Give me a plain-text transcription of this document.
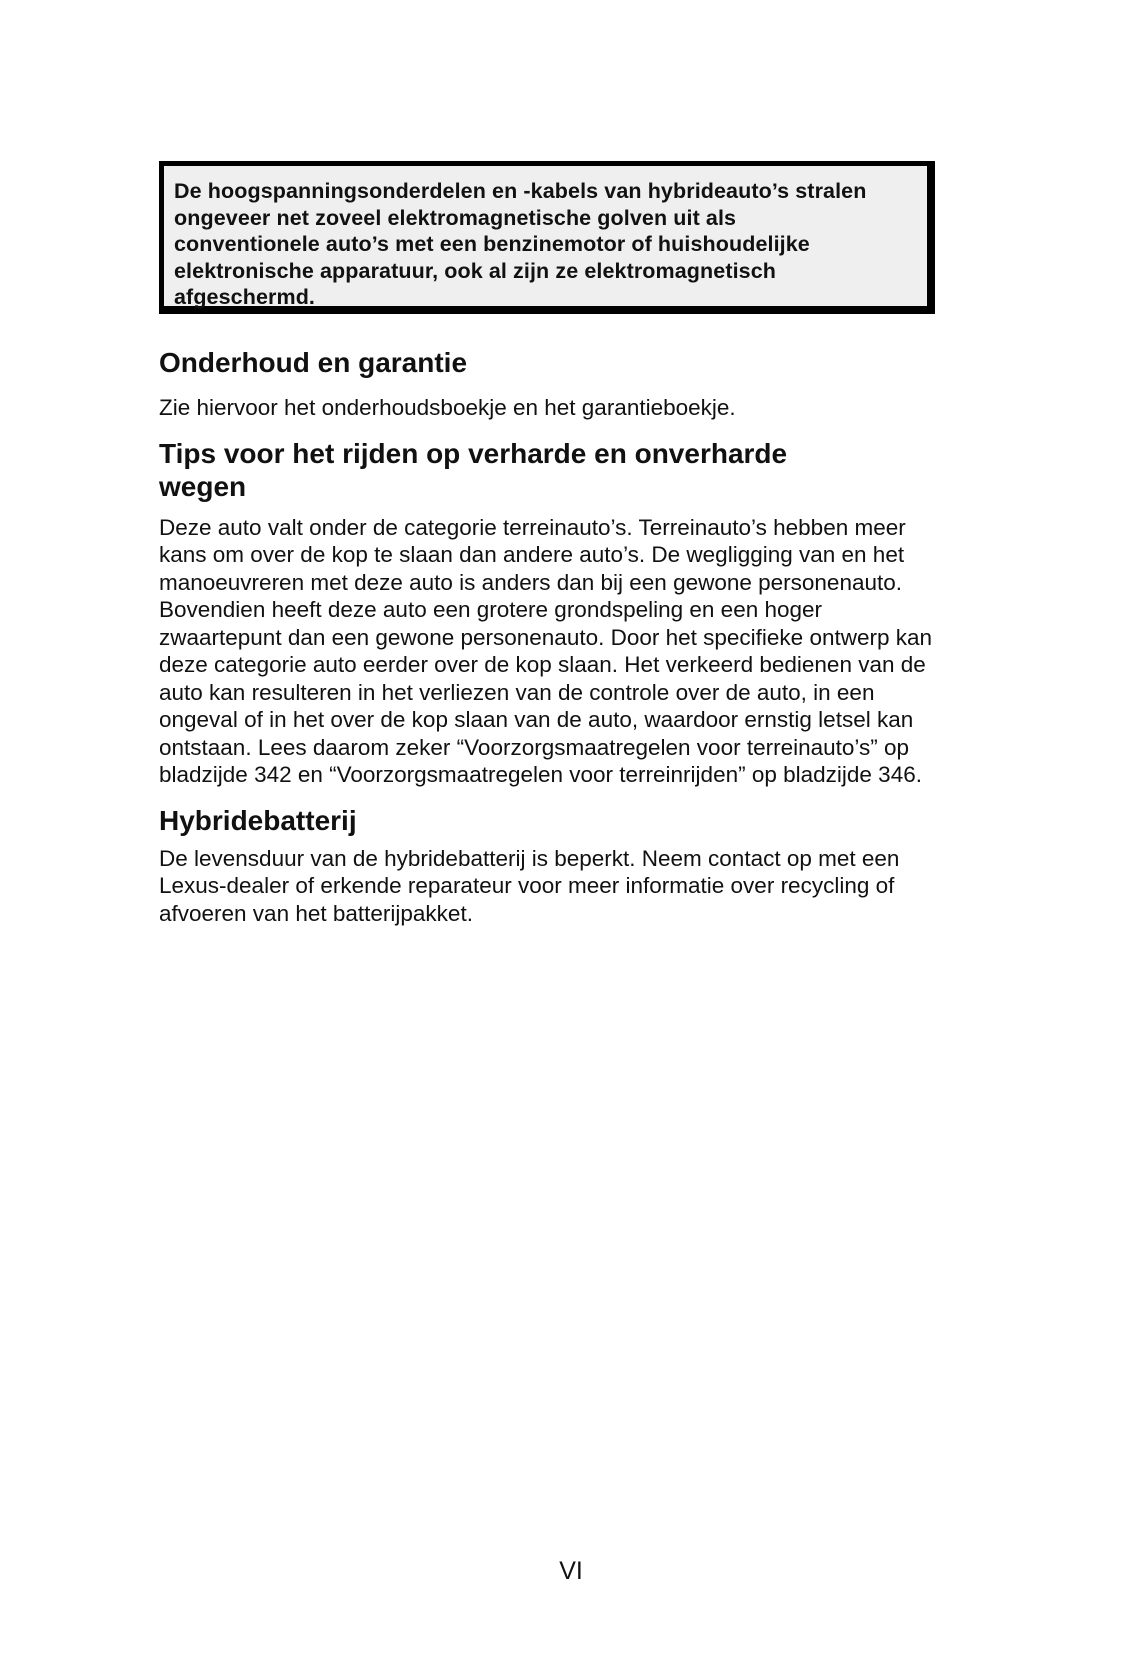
De hoogspanningsonderdelen en -kabels van hybrideauto’s stralen ongeveer net zoveel elektromagnetische golven uit als conventionele auto’s met een benzinemotor of huishoudelijke elektronische apparatuur, ook al zijn ze elektromagnetisch afgeschermd.

Onderhoud en garantie

Zie hiervoor het onderhoudsboekje en het garantieboekje.

Tips voor het rijden op verharde en onverharde wegen

Deze auto valt onder de categorie terreinauto’s. Terreinauto’s hebben meer kans om over de kop te slaan dan andere auto’s. De wegligging van en het manoeuvreren met deze auto is anders dan bij een gewone personenauto. Bovendien heeft deze auto een grotere grondspeling en een hoger zwaartepunt dan een gewone personenauto. Door het specifieke ontwerp kan deze categorie auto eerder over de kop slaan. Het verkeerd bedienen van de auto kan resulteren in het verliezen van de controle over de auto, in een ongeval of in het over de kop slaan van de auto, waardoor ernstig letsel kan ontstaan. Lees daarom zeker “Voorzorgsmaatregelen voor terreinauto’s” op bladzijde 342 en “Voorzorgsmaatregelen voor terreinrijden” op bladzijde 346.

Hybridebatterij

De levensduur van de hybridebatterij is beperkt. Neem contact op met een Lexus-dealer of erkende reparateur voor meer informatie over recycling of afvoeren van het batterijpakket.

VI
